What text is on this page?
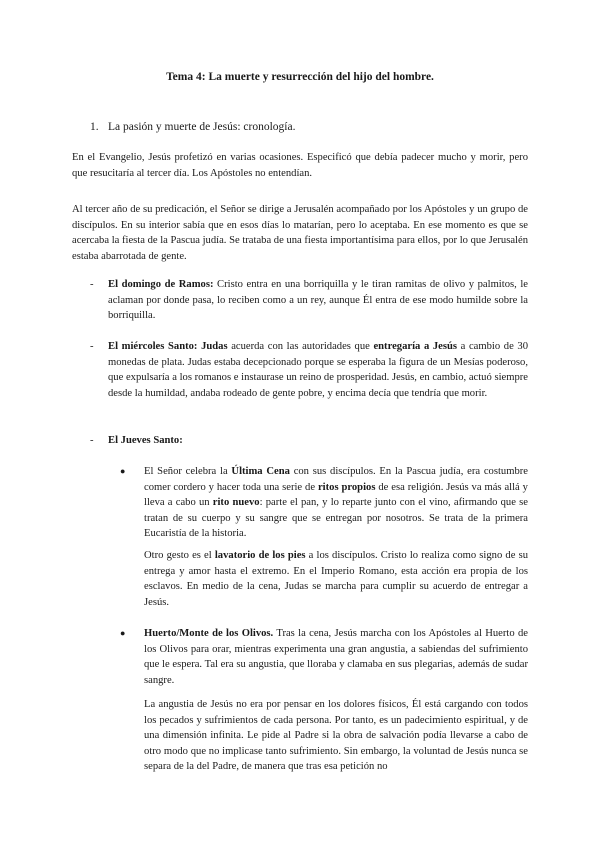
Tema 4: La muerte y resurrección del hijo del hombre.
1. La pasión y muerte de Jesús: cronología.

En el Evangelio, Jesús profetizó en varias ocasiones. Especificó que debía padecer mucho y morir, pero que resucitaría al tercer día. Los Apóstoles no entendían.

Al tercer año de su predicación, el Señor se dirige a Jerusalén acompañado por los Apóstoles y un grupo de discípulos. En su interior sabía que en esos días lo matarían, pero lo aceptaba. En ese momento es que se acercaba la fiesta de la Pascua judía. Se trataba de una fiesta importantísima para ellos, por lo que Jerusalén estaba abarrotada de gente.

- El domingo de Ramos: Cristo entra en una borriquilla y le tiran ramitas de olivo y palmitos, le aclaman por donde pasa, lo reciben como a un rey, aunque Él entra de ese modo humilde sobre la borriquilla.

- El miércoles Santo: Judas acuerda con las autoridades que entregaría a Jesús a cambio de 30 monedas de plata. Judas estaba decepcionado porque se esperaba la figura de un Mesías poderoso, que expulsaría a los romanos e instaurase un reino de prosperidad. Jesús, en cambio, actuó siempre desde la humildad, andaba rodeado de gente pobre, y encima decía que tendría que morir.

- El Jueves Santo:

● El Señor celebra la Última Cena con sus discípulos. En la Pascua judía, era costumbre comer cordero y hacer toda una serie de ritos propios de esa religión. Jesús va más allá y lleva a cabo un rito nuevo: parte el pan, y lo reparte junto con el vino, afirmando que se tratan de su cuerpo y su sangre que se entregan por nosotros. Se trata de la primera Eucaristía de la historia.

Otro gesto es el lavatorio de los pies a los discípulos. Cristo lo realiza como signo de su entrega y amor hasta el extremo. En el Imperio Romano, esta acción era propia de los esclavos. En medio de la cena, Judas se marcha para cumplir su acuerdo de entregar a Jesús.

● Huerto/Monte de los Olivos. Tras la cena, Jesús marcha con los Apóstoles al Huerto de los Olivos para orar, mientras experimenta una gran angustia, a sabiendas del sufrimiento que le espera. Tal era su angustia, que lloraba y clamaba en sus plegarias, además de sudar sangre.

La angustia de Jesús no era por pensar en los dolores físicos, Él está cargando con todos los pecados y sufrimientos de cada persona. Por tanto, es un padecimiento espiritual, y de una dimensión infinita. Le pide al Padre si la obra de salvación podía llevarse a cabo de otro modo que no implicase tanto sufrimiento. Sin embargo, la voluntad de Jesús nunca se separa de la del Padre, de manera que tras esa petición no
